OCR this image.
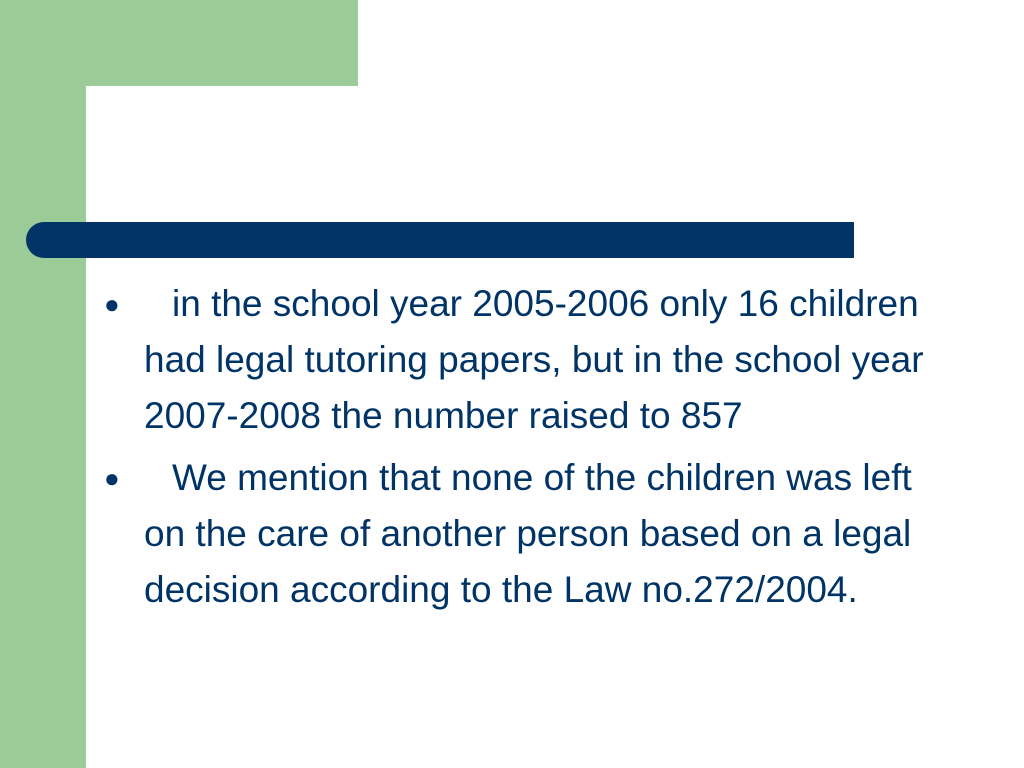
●	in the school year 2005-2006 only 16 children had legal tutoring papers, but in the school year 2007-2008 the number raised to 857
●	We mention that none of the children was left on the care of another person based on a legal decision according to the Law no.272/2004.
